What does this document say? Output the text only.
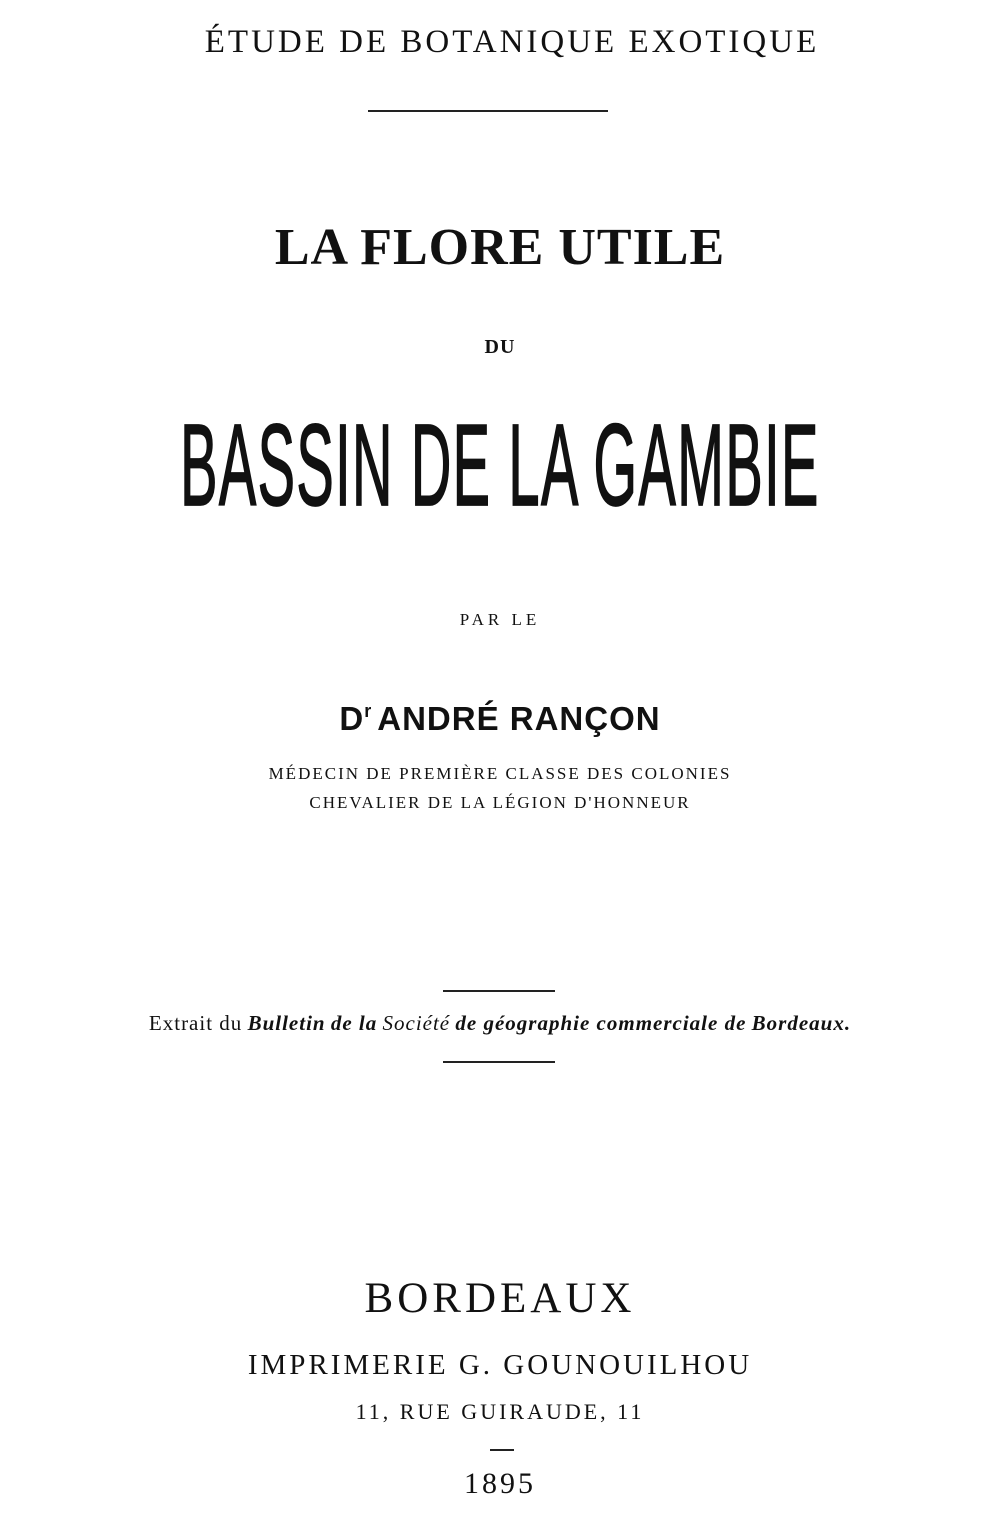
ÉTUDE DE BOTANIQUE EXOTIQUE
LA FLORE UTILE
DU
BASSIN DE LA GAMBIE
PAR LE
$D^r$ ANDRÉ RANÇON
MÉDECIN DE PREMIÈRE CLASSE DES COLONIES
CHEVALIER DE LA LÉGION D'HONNEUR
Extrait du Bulletin de la Société de géographie commerciale de Bordeaux.
BORDEAUX
IMPRIMERIE G. GOUNOUILHOU
11, RUE GUIRAUDE, 11
1895
